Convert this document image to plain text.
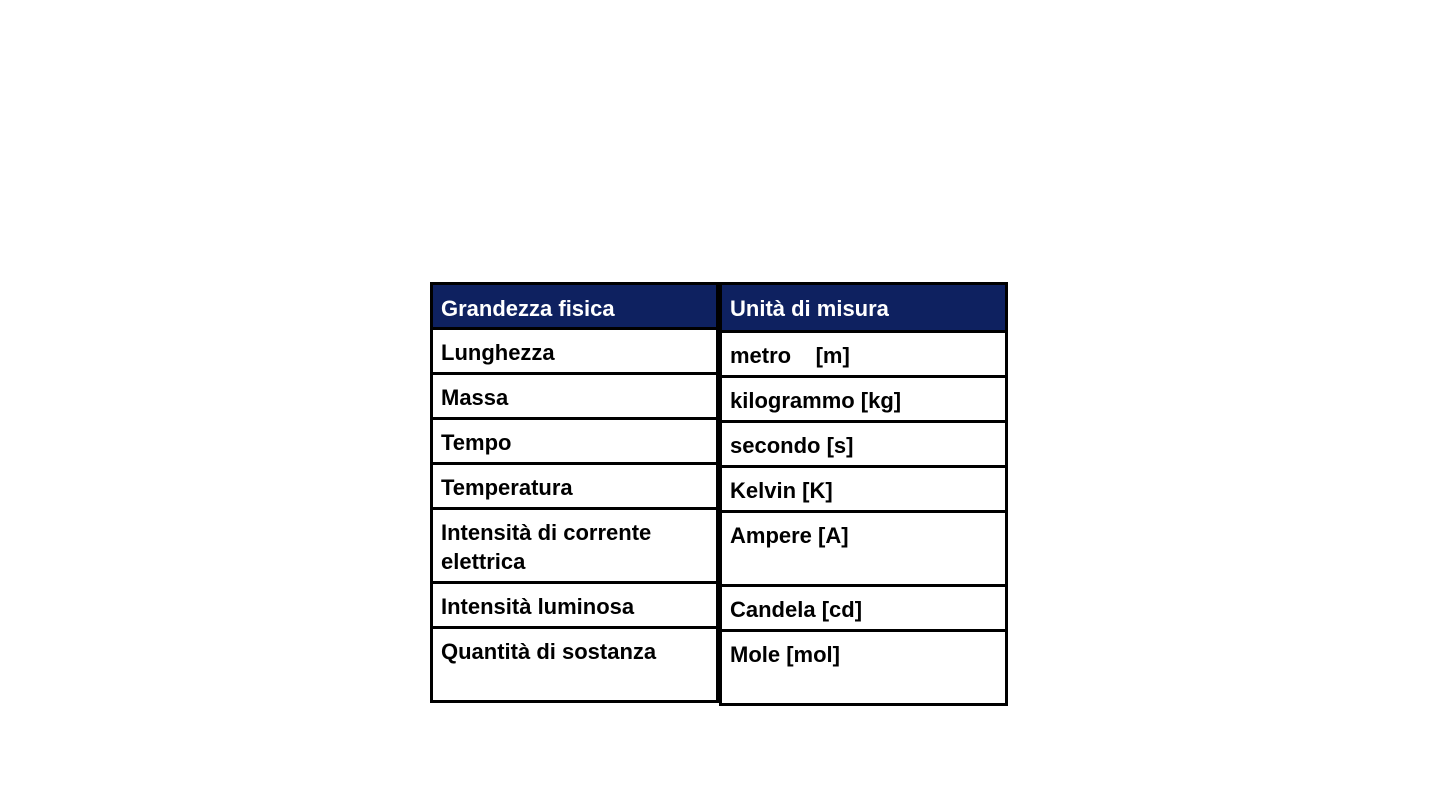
Grandezza fisica
Lunghezza
Massa
Tempo
Temperatura
Intensità di corrente elettrica
Intensità luminosa
Quantità di sostanza
Unità di misura
metro    [m]
kilogrammo [kg]
secondo [s]
Kelvin [K]
Ampere [A]
Candela [cd]
Mole [mol]
